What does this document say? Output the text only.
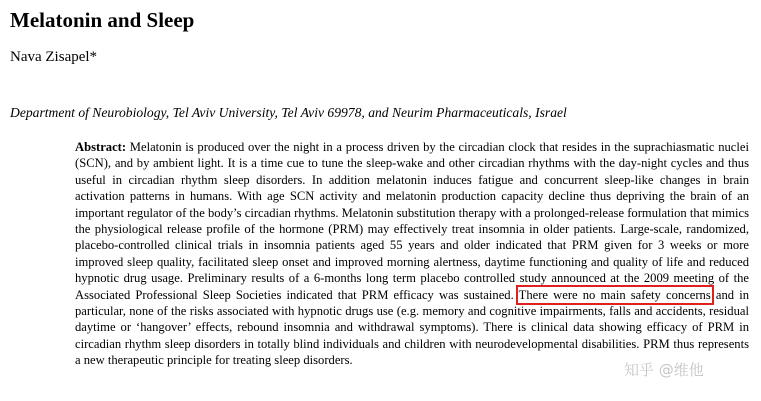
Melatonin and Sleep
Nava Zisapel*
Department of Neurobiology, Tel Aviv University, Tel Aviv 69978, and Neurim Pharmaceuticals, Israel

Abstract: Melatonin is produced over the night in a process driven by the circadian clock that resides in the suprachiasmatic nuclei (SCN), and by ambient light. It is a time cue to tune the sleep-wake and other circadian rhythms with the day-night cycles and thus useful in circadian rhythm sleep disorders. In addition melatonin induces fatigue and concurrent sleep-like changes in brain activation patterns in humans. With age SCN activity and melatonin production capacity decline thus depriving the brain of an important regulator of the body’s circadian rhythms. Melatonin substitution therapy with a prolonged-release formulation that mimics the physiological release profile of the hormone (PRM) may effectively treat insomnia in older patients. Large-scale, randomized, placebo-controlled clinical trials in insomnia patients aged 55 years and older indicated that PRM given for 3 weeks or more improved sleep quality, facilitated sleep onset and improved morning alertness, daytime functioning and quality of life and reduced hypnotic drug usage. Preliminary results of a 6-months long term placebo controlled study announced at the 2009 meeting of the Associated Professional Sleep Societies indicated that PRM efficacy was sustained. There were no main safety concerns and in particular, none of the risks associated with hypnotic drugs use (e.g. memory and cognitive impairments, falls and accidents, residual daytime or ‘hangover’ effects, rebound insomnia and withdrawal symptoms). There is clinical data showing efficacy of PRM in circadian rhythm sleep disorders in totally blind individuals and children with neurodevelopmental disabilities. PRM thus represents a new therapeutic principle for treating sleep disorders.

知乎 @维他
